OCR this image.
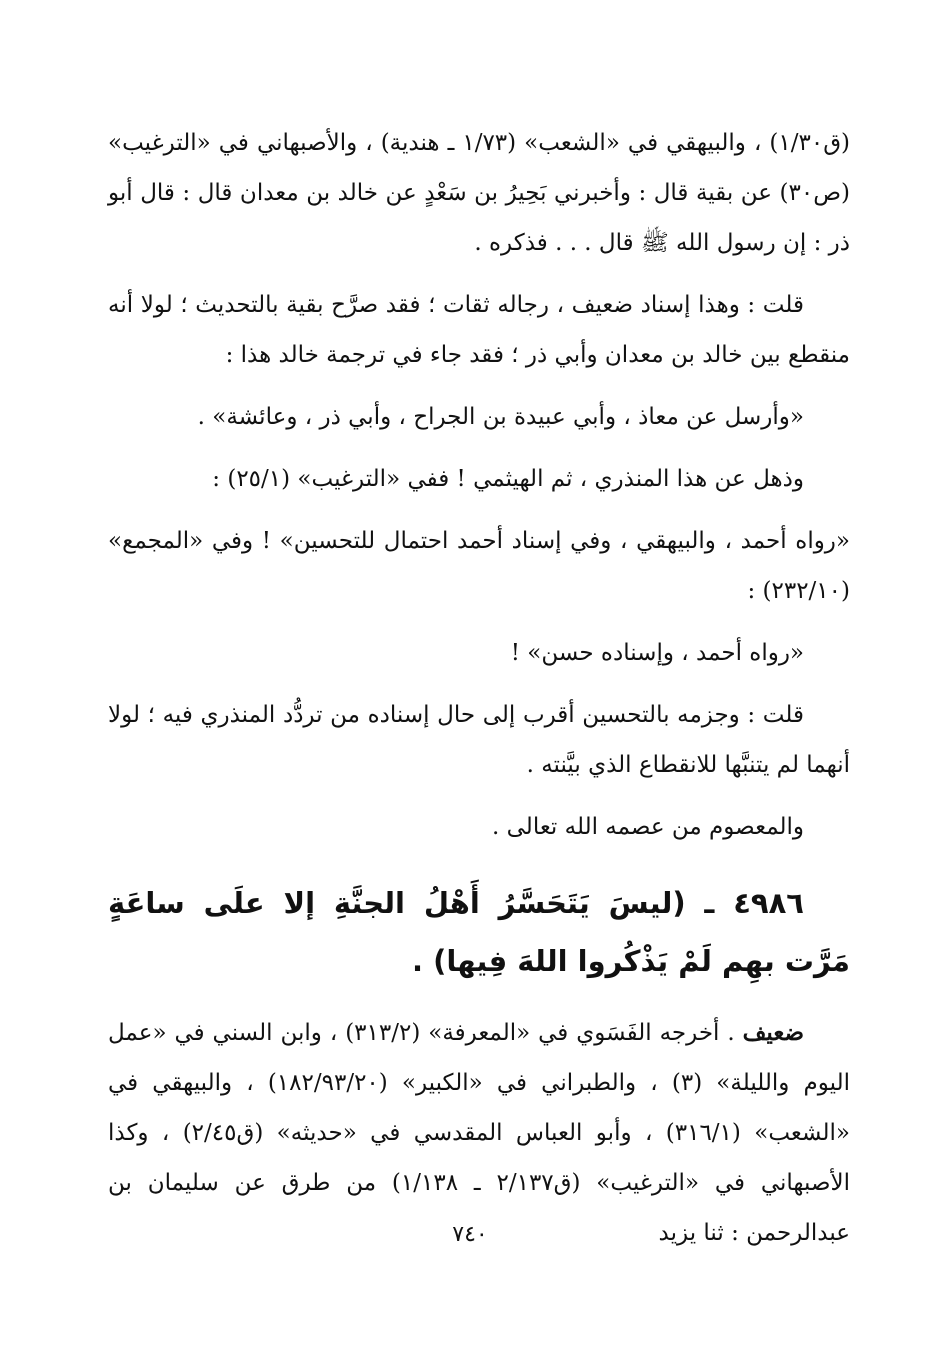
(ق١/٣٠) ، والبيهقي في «الشعب» (١/٧٣ ـ هندية) ، والأصبهاني في «الترغيب» (ص٣٠) عن بقية قال : وأخبرني بَحِيرُ بن سَعْدٍ عن خالد بن معدان قال : قال أبو ذر : إن رسول الله ﷺ قال . . . فذكره .

قلت : وهذا إسناد ضعيف ، رجاله ثقات ؛ فقد صرَّح بقية بالتحديث ؛ لولا أنه منقطع بين خالد بن معدان وأبي ذر ؛ فقد جاء في ترجمة خالد هذا :

«وأرسل عن معاذ ، وأبي عبيدة بن الجراح ، وأبي ذر ، وعائشة» .

وذهل عن هذا المنذري ، ثم الهيثمي ! ففي «الترغيب» (٢٥/١) :

«رواه أحمد ، والبيهقي ، وفي إسناد أحمد احتمال للتحسين» ! وفي «المجمع» (٢٣٢/١٠) :

«رواه أحمد ، وإسناده حسن» !

قلت : وجزمه بالتحسين أقرب إلى حال إسناده من تردُّد المنذري فيه ؛ لولا أنهما لم يتنبَّها للانقطاع الذي بيَّنته .

والمعصوم من عصمه الله تعالى .

٤٩٨٦ ـ (ليسَ يَتَحَسَّرُ أَهْلُ الجنَّةِ إلا علَى ساعَةٍ مَرَّت بهِم لَمْ يَذْكُروا اللهَ فِيها) .

ضعيف . أخرجه الفَسَوي في «المعرفة» (٣١٣/٢) ، وابن السني في «عمل اليوم والليلة» (٣) ، والطبراني في «الكبير» (١٨٢/٩٣/٢٠) ، والبيهقي في «الشعب» (٣١٦/١) ، وأبو العباس المقدسي في «حديثه» (ق٢/٤٥) ، وكذا الأصبهاني في «الترغيب» (ق٢/١٣٧ ـ ١/١٣٨) من طرق عن سليمان بن عبدالرحمن : ثنا يزيد

٧٤٠
